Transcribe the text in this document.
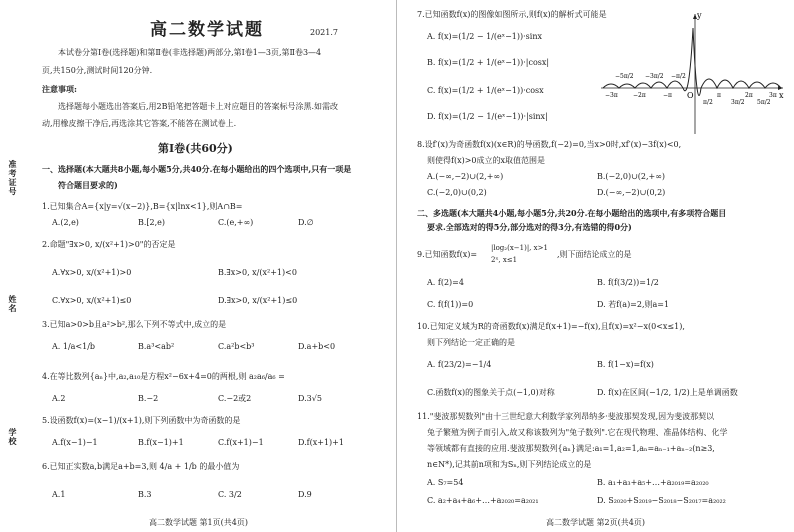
准考证号
姓名
学校
高二数学试题	2021.7
本试卷分第Ⅰ卷(选择题)和第Ⅱ卷(非选择题)两部分,第Ⅰ卷1—3页,第Ⅱ卷3—4
页,共150分,测试时间120分钟.
注意事项:
选择题每小题选出答案后,用2B铅笔把答题卡上对应题目的答案标号涂黑.如需改
动,用橡皮擦干净后,再选涂其它答案,不能答在测试卷上.
第Ⅰ卷(共60分)
一、选择题(本大题共8小题,每小题5分,共40分.在每小题给出的四个选项中,只有一项是
符合题目要求的)
1.已知集合A={x|y=√(x−2)},B={x|lnx<1},则A∩B=
A.(2,e)	B.[2,e)	C.(e,+∞)	D.∅
2.命题"∃x>0, x/(x²+1)>0"的否定是
A.∀x>0, x/(x²+1)>0	B.∃x>0, x/(x²+1)<0
C.∀x>0, x/(x²+1)≤0	D.∃x>0, x/(x²+1)≤0
3.已知a>0>b且a²>b²,那么下列不等式中,成立的是
A. 1/a<1/b	B.a³<ab²	C.a²b<b³	D.a+b<0
4.在等比数列{aₙ}中,a₂,a₁₀是方程x²−6x+4=0的两根,则 a₂a₆/a₆ =
A.2	B.−2	C.−2或2	D.3√5
5.设函数f(x)=(x−1)/(x+1),则下列函数中为奇函数的是
A.f(x−1)−1	B.f(x−1)+1	C.f(x+1)−1	D.f(x+1)+1
6.已知正实数a,b满足a+b=3,则 4/a + 1/b 的最小值为
A.1	B.3	C. 3/2	D.9
高二数学试题 第1页(共4页)
7.已知函数f(x)的图像如图所示,则f(x)的解析式可能是
A. f(x)=(1/2 − 1/(eˣ−1))·sinx
B. f(x)=(1/2 + 1/(eˣ−1))·|cosx|
C. f(x)=(1/2 + 1/(eˣ−1))·cosx
D. f(x)=(1/2 − 1/(eˣ−1))·|sinx|
y
x
O
−3π	−2π	−π	π	2π	3π
−5π/2 −3π/2 −π/2
π/2	3π/2 5π/2
8.设f′(x)为奇函数f(x)(x∈R)的导函数,f(−2)=0,当x>0时,xf′(x)−3f(x)<0,
则使得f(x)>0成立的x取值范围是
A.(−∞,−2)∪(2,+∞)	B.(−2,0)∪(2,+∞)
C.(−2,0)∪(0,2)	D.(−∞,−2)∪(0,2)
二、多选题(本大题共4小题,每小题5分,共20分.在每小题给出的选项中,有多项符合题目
要求.全部选对的得5分,部分选对的得3分,有选错的得0分)
9.已知函数f(x)=
|log₂(x−1)|, x>1
2ˣ, x≤1
,则下面结论成立的是
A. f(2)=4	B. f(f(3/2))=1/2
C. f(f(1))=0	D. 若f(a)=2,则a=1
10.已知定义域为R的奇函数f(x)满足f(x+1)=−f(x),且f(x)=x²−x(0<x≤1),
则下列结论一定正确的是
A. f(23/2)=−1/4	B. f(1−x)=f(x)
C.函数f(x)的图象关于点(−1,0)对称	D. f(x)在区间(−1/2, 1/2)上是单调函数
11."斐波那契数列"由十三世纪意大利数学家列昂纳多·斐波那契发现,因为斐波那契以
兔子繁殖为例子而引入,故又称该数列为"兔子数列".它在现代物理、准晶体结构、化学
等领域都有直接的应用.斐波那契数列{aₙ}满足:a₁=1,a₂=1,aₙ=aₙ₋₁+aₙ₋₂(n≥3,
n∈N*),记其前n项和为Sₙ,则下列结论成立的是
A. S₇=54	B. a₁+a₃+a₅+…+a₂₀₁₉=a₂₀₂₀
C. a₂+a₄+a₆+…+a₂₀₂₀=a₂₀₂₁	D. S₂₀₂₀+S₂₀₁₉−S₂₀₁₈−S₂₀₁₇=a₂₀₂₂
高二数学试题 第2页(共4页)
